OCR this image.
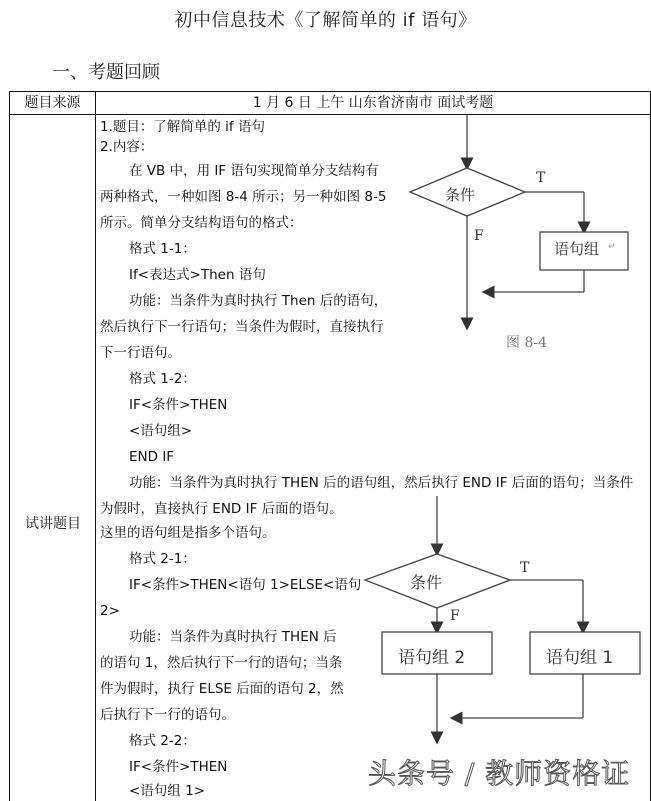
初中信息技术《了解简单的 if 语句》
一、考题回顾
题目来源	1 月 6 日 上午 山东省济南市 面试考题
试讲题目
1.题目：了解简单的 if 语句
2.内容：
在 VB 中，用 IF 语句实现简单分支结构有
两种格式，一种如图 8-4 所示；另一种如图 8-5
所示。简单分支结构语句的格式：
格式 1-1：
If<表达式>Then 语句
功能：当条件为真时执行 Then 后的语句，
然后执行下一行语句；当条件为假时，直接执行
下一行语句。
格式 1-2：
IF<条件>THEN
<语句组>
END IF
功能：当条件为真时执行 THEN 后的语句组，然后执行 END IF 后面的语句；当条件
为假时，直接执行 END IF 后面的语句。
这里的语句组是指多个语句。
格式 2-1：
IF<条件>THEN<语句 1>ELSE<语句
2>
功能：当条件为真时执行 THEN 后
的语句 1，然后执行下一行的语句；当条
件为假时，执行 ELSE 后面的语句 2，然
后执行下一行的语句。
格式 2-2：
IF<条件>THEN
<语句组 1>
条件
T
F
语句组 ↵
图 8-4
条件
T
F
语句组 2	语句组 1
头条号 / 教师资格证
